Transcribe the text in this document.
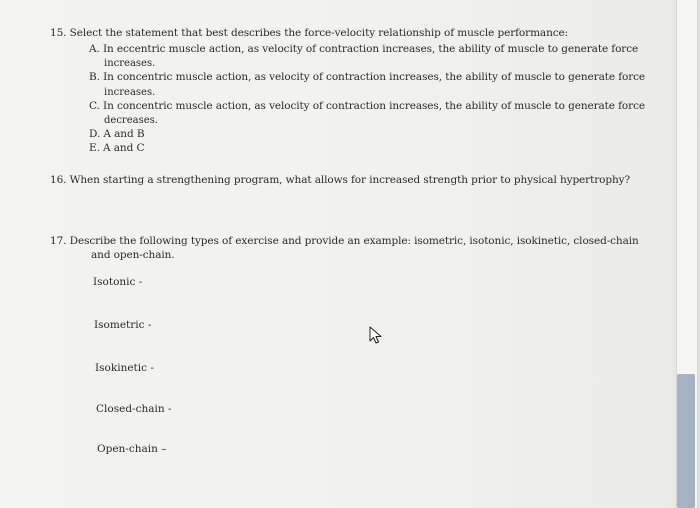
15. Select the statement that best describes the force-velocity relationship of muscle performance:
A. In eccentric muscle action, as velocity of contraction increases, the ability of muscle to generate force
increases.
B. In concentric muscle action, as velocity of contraction increases, the ability of muscle to generate force
increases.
C. In concentric muscle action, as velocity of contraction increases, the ability of muscle to generate force
decreases.
D. A and B
E. A and C
16. When starting a strengthening program, what allows for increased strength prior to physical hypertrophy?
17. Describe the following types of exercise and provide an example: isometric, isotonic, isokinetic, closed-chain
and open-chain.
Isotonic -
Isometric -
Isokinetic -
Closed-chain -
Open-chain –
